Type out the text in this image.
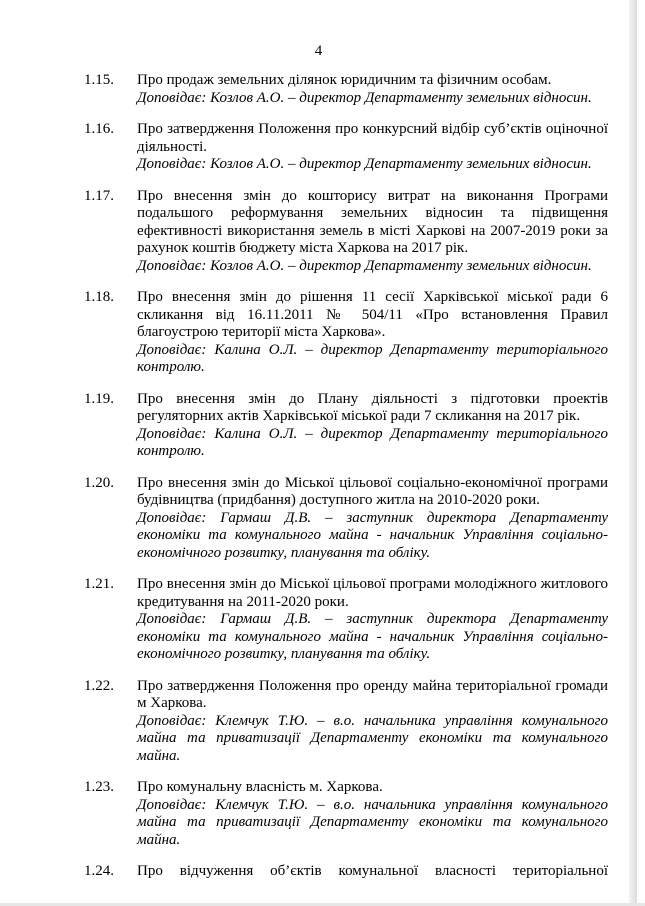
4
1.15.	Про продаж земельних ділянок юридичним та фізичним особам.

Доповідає: Козлов А.О. – директор Департаменту земельних відносин.

1.16.	Про затвердження Положення про конкурсний відбір суб’єктів оціночної діяльності.

Доповідає: Козлов А.О. – директор Департаменту земельних відносин.

1.17.	Про внесення змін до кошторису витрат на виконання Програми подальшого реформування земельних відносин та підвищення ефективності використання земель в місті Харкові на 2007-2019 роки за рахунок коштів бюджету міста Харкова на 2017 рік.

Доповідає: Козлов А.О. – директор Департаменту земельних відносин.

1.18.	Про внесення змін до рішення 11 сесії Харківської міської ради 6 скликання від 16.11.2011 № 504/11 «Про встановлення Правил благоустрою території міста Харкова».

Доповідає: Калина О.Л. – директор Департаменту територіального контролю.

1.19.	Про внесення змін до Плану діяльності з підготовки проектів регуляторних актів Харківської міської ради 7 скликання на 2017 рік.

Доповідає: Калина О.Л. – директор Департаменту територіального контролю.

1.20.	Про внесення змін до Міської цільової соціально-економічної програми будівництва (придбання) доступного житла на 2010-2020 роки.

Доповідає: Гармаш Д.В. – заступник директора Департаменту економіки та комунального майна - начальник Управління соціально-економічного розвитку, планування та обліку.

1.21.	Про внесення змін до Міської цільової програми молодіжного житлового кредитування на 2011-2020 роки.

Доповідає: Гармаш Д.В. – заступник директора Департаменту економіки та комунального майна - начальник Управління соціально-економічного розвитку, планування та обліку.

1.22.	Про затвердження Положення про оренду майна територіальної громади м Харкова.

Доповідає: Клемчук Т.Ю. – в.о. начальника управління комунального майна та приватизації Департаменту економіки та комунального майна.

1.23.	Про комунальну власність м. Харкова.

Доповідає: Клемчук Т.Ю. – в.о. начальника управління комунального майна та приватизації Департаменту економіки та комунального майна.

1.24.	Про відчуження об’єктів комунальної власності територіальної
